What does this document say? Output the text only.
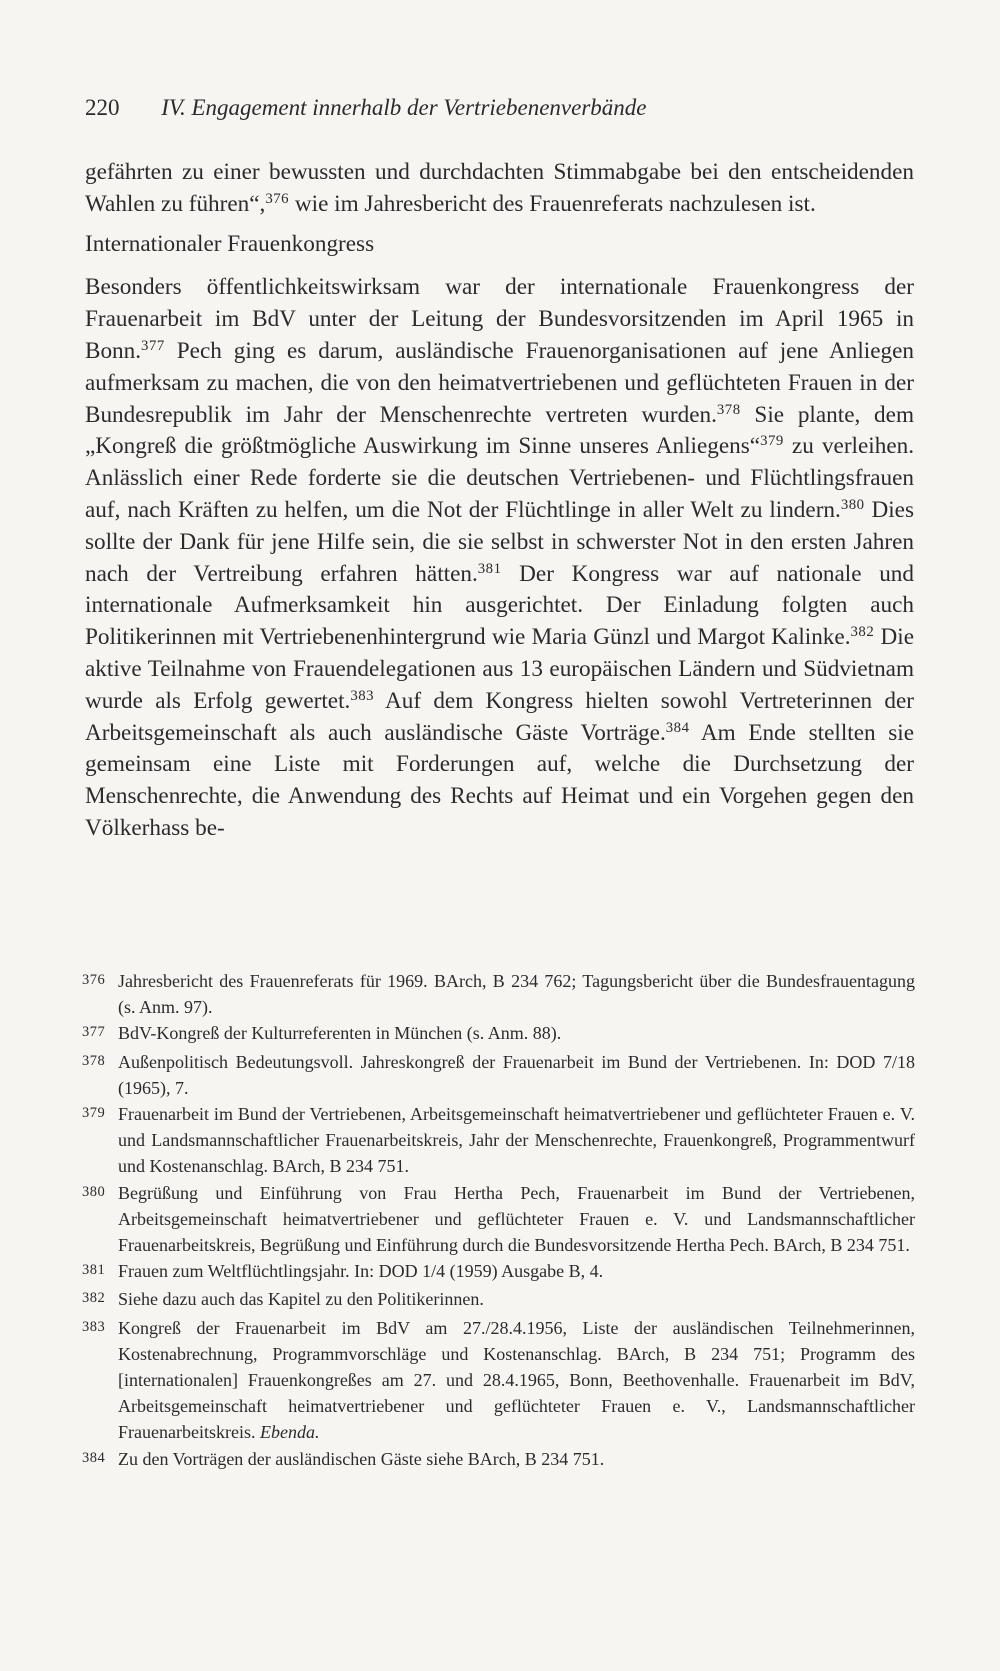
220 IV. Engagement innerhalb der Vertriebenenverbände

gefährten zu einer bewussten und durchdachten Stimmabgabe bei den entscheidenden Wahlen zu führen“,$^{376}$ wie im Jahresbericht des Frauenreferats nachzulesen ist.

Internationaler Frauenkongress

Besonders öffentlichkeitswirksam war der internationale Frauenkongress der Frauenarbeit im BdV unter der Leitung der Bundesvorsitzenden im April 1965 in Bonn.$^{377}$ Pech ging es darum, ausländische Frauenorganisationen auf jene Anliegen aufmerksam zu machen, die von den heimatvertriebenen und geflüchteten Frauen in der Bundesrepublik im Jahr der Menschenrechte vertreten wurden.$^{378}$ Sie plante, dem „Kongreß die größtmögliche Auswirkung im Sinne unseres Anliegens“$^{379}$ zu verleihen. Anlässlich einer Rede forderte sie die deutschen Vertriebenen- und Flüchtlingsfrauen auf, nach Kräften zu helfen, um die Not der Flüchtlinge in aller Welt zu lindern.$^{380}$ Dies sollte der Dank für jene Hilfe sein, die sie selbst in schwerster Not in den ersten Jahren nach der Vertreibung erfahren hätten.$^{381}$ Der Kongress war auf nationale und internationale Aufmerksamkeit hin ausgerichtet. Der Einladung folgten auch Politikerinnen mit Vertriebenenhintergrund wie Maria Günzl und Margot Kalinke.$^{382}$ Die aktive Teilnahme von Frauendelegationen aus 13 europäischen Ländern und Südvietnam wurde als Erfolg gewertet.$^{383}$ Auf dem Kongress hielten sowohl Vertreterinnen der Arbeitsgemeinschaft als auch ausländische Gäste Vorträge.$^{384}$ Am Ende stellten sie gemeinsam eine Liste mit Forderungen auf, welche die Durchsetzung der Menschenrechte, die Anwendung des Rechts auf Heimat und ein Vorgehen gegen den Völkerhass be-

376 Jahresbericht des Frauenreferats für 1969. BArch, B 234 762; Tagungsbericht über die Bundesfrauentagung (s. Anm. 97).
377 BdV-Kongreß der Kulturreferenten in München (s. Anm. 88).
378 Außenpolitisch Bedeutungsvoll. Jahreskongreß der Frauenarbeit im Bund der Vertriebenen. In: DOD 7/18 (1965), 7.
379 Frauenarbeit im Bund der Vertriebenen, Arbeitsgemeinschaft heimatvertriebener und geflüchteter Frauen e. V. und Landsmannschaftlicher Frauenarbeitskreis, Jahr der Menschenrechte, Frauenkongreß, Programmentwurf und Kostenanschlag. BArch, B 234 751.
380 Begrüßung und Einführung von Frau Hertha Pech, Frauenarbeit im Bund der Vertriebenen, Arbeitsgemeinschaft heimatvertriebener und geflüchteter Frauen e. V. und Landsmannschaftlicher Frauenarbeitskreis, Begrüßung und Einführung durch die Bundesvorsitzende Hertha Pech. BArch, B 234 751.
381 Frauen zum Weltflüchtlingsjahr. In: DOD 1/4 (1959) Ausgabe B, 4.
382 Siehe dazu auch das Kapitel zu den Politikerinnen.
383 Kongreß der Frauenarbeit im BdV am 27./28.4.1956, Liste der ausländischen Teilnehmerinnen, Kostenabrechnung, Programmvorschläge und Kostenanschlag. BArch, B 234 751; Programm des [internationalen] Frauenkongreßes am 27. und 28.4.1965, Bonn, Beethovenhalle. Frauenarbeit im BdV, Arbeitsgemeinschaft heimatvertriebener und geflüchteter Frauen e. V., Landsmannschaftlicher Frauenarbeitskreis. Ebenda.
384 Zu den Vorträgen der ausländischen Gäste siehe BArch, B 234 751.
